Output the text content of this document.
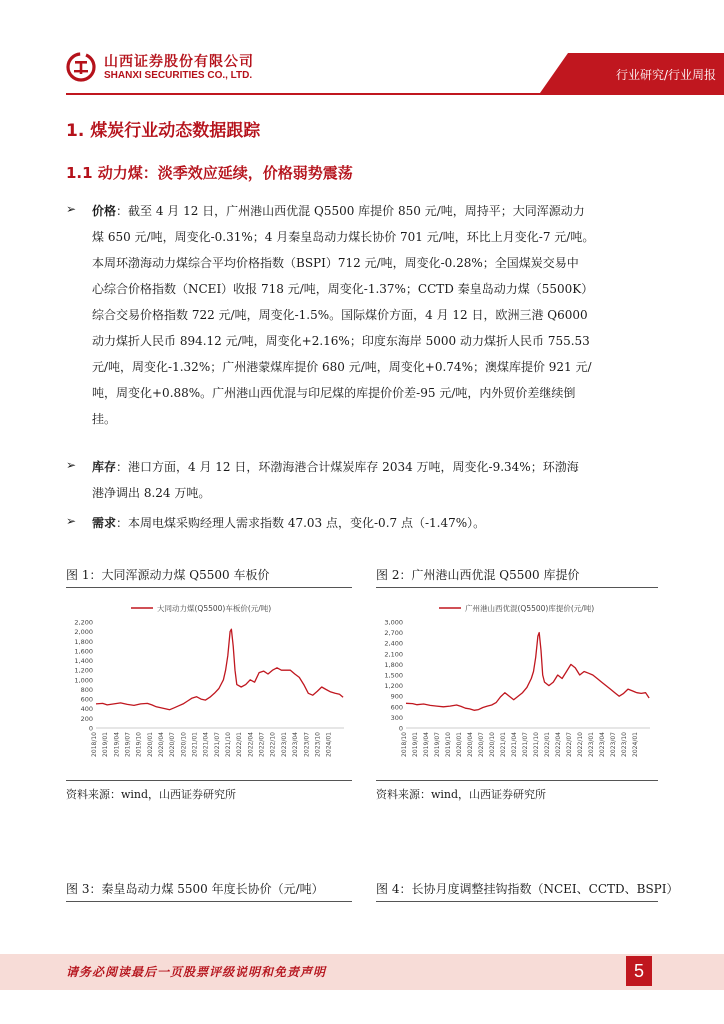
山西证券股份有限公司
SHANXI SECURITIES CO., LTD.	行业研究/行业周报
1. 煤炭行业动态数据跟踪
1.1 动力煤：淡季效应延续，价格弱势震荡
➢ 价格：截至 4 月 12 日，广州港山西优混 Q5500 库提价 850 元/吨，周持平；大同浑源动力
煤 650 元/吨，周变化-0.31%；4 月秦皇岛动力煤长协价 701 元/吨，环比上月变化-7 元/吨。
本周环渤海动力煤综合平均价格指数（BSPI）712 元/吨，周变化-0.28%；全国煤炭交易中
心综合价格指数（NCEI）收报 718 元/吨，周变化-1.37%；CCTD 秦皇岛动力煤（5500K）
综合交易价格指数 722 元/吨，周变化-1.5%。国际煤价方面，4 月 12 日，欧洲三港 Q6000
动力煤折人民币 894.12 元/吨，周变化+2.16%；印度东海岸 5000 动力煤折人民币 755.53
元/吨，周变化-1.32%；广州港蒙煤库提价 680 元/吨，周变化+0.74%；澳煤库提价 921 元/
吨，周变化+0.88%。广州港山西优混与印尼煤的库提价价差-95 元/吨，内外贸价差继续倒
挂。
➢ 库存：港口方面，4 月 12 日，环渤海港合计煤炭库存 2034 万吨，周变化-9.34%；环渤海
港净调出 8.24 万吨。
➢ 需求：本周电煤采购经理人需求指数 47.03 点，变化-0.7 点（-1.47%）。
图 1：大同浑源动力煤 Q5500 车板价
大同动力煤(Q5500)车板价(元/吨)
0
200
400
600
800
1,000
1,200
1,400
1,600
1,800
2,000
2,200
2018/10 2019/01 2019/04 2019/07 2019/10 2020/01 2020/04 2020/07 2020/10 2021/01 2021/04 2021/07 2021/10 2022/01 2022/04 2022/07 2022/10 2023/01 2023/04 2023/07 2023/10 2024/01
资料来源：wind，山西证券研究所
图 2：广州港山西优混 Q5500 库提价
广州港山西优混(Q5500)库提价(元/吨)
0
300
600
900
1,200
1,500
1,800
2,100
2,400
2,700
3,000
2018/10 2019/01 2019/04 2019/07 2019/10 2020/01 2020/04 2020/07 2020/10 2021/01 2021/04 2021/07 2021/10 2022/01 2022/04 2022/07 2022/10 2023/01 2023/04 2023/07 2023/10 2024/01
资料来源：wind，山西证券研究所
图 3：秦皇岛动力煤 5500 年度长协价（元/吨）	图 4：长协月度调整挂钩指数（NCEI、CCTD、BSPI）
请务必阅读最后一页股票评级说明和免责声明	5
